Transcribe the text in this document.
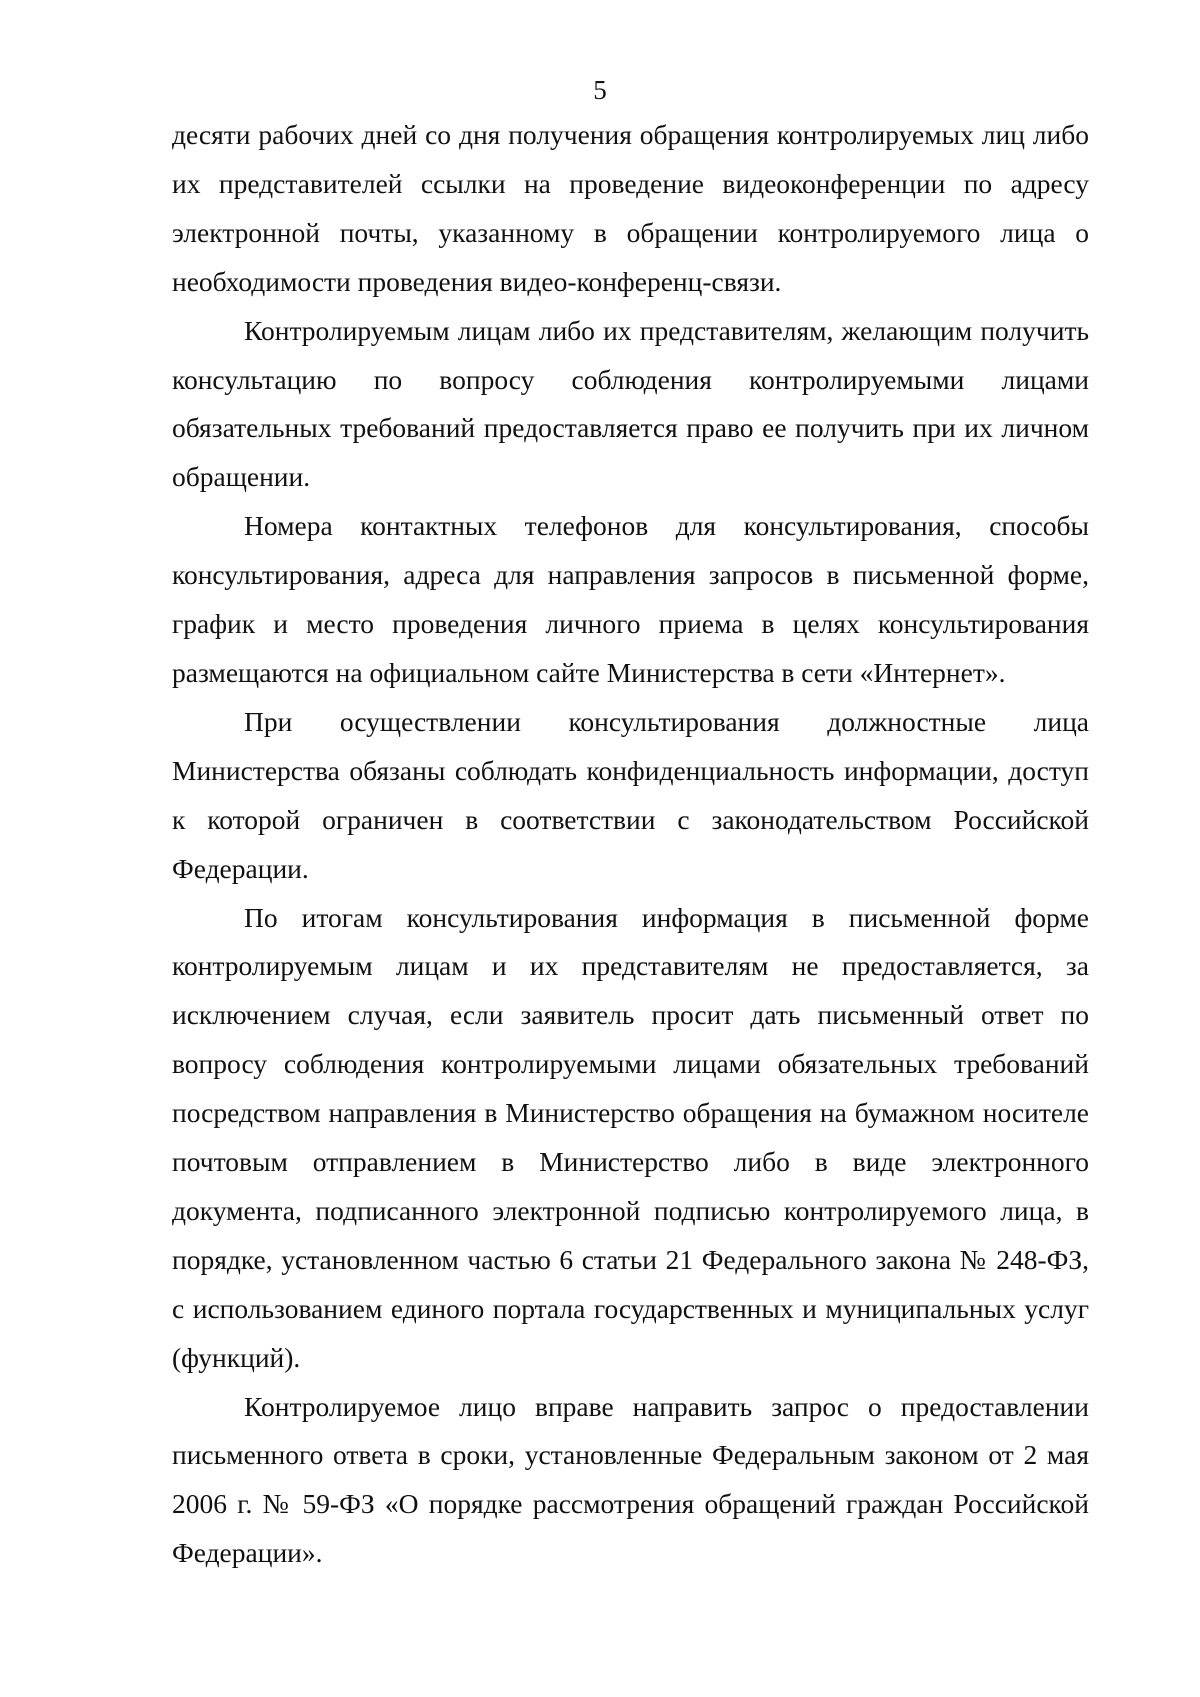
5

десяти рабочих дней со дня получения обращения контролируемых лиц либо их представителей ссылки на проведение видеоконференции по адресу электронной почты, указанному в обращении контролируемого лица о необходимости проведения видео-конференц-связи.

Контролируемым лицам либо их представителям, желающим получить консультацию по вопросу соблюдения контролируемыми лицами обязательных требований предоставляется право ее получить при их личном обращении.

Номера контактных телефонов для консультирования, способы консультирования, адреса для направления запросов в письменной форме, график и место проведения личного приема в целях консультирования размещаются на официальном сайте Министерства в сети «Интернет».

При осуществлении консультирования должностные лица Министерства обязаны соблюдать конфиденциальность информации, доступ к которой ограничен в соответствии с законодательством Российской Федерации.

По итогам консультирования информация в письменной форме контролируемым лицам и их представителям не предоставляется, за исключением случая, если заявитель просит дать письменный ответ по вопросу соблюдения контролируемыми лицами обязательных требований посредством направления в Министерство обращения на бумажном носителе почтовым отправлением в Министерство либо в виде электронного документа, подписанного электронной подписью контролируемого лица, в порядке, установленном частью 6 статьи 21 Федерального закона № 248-ФЗ, с использованием единого портала государственных и муниципальных услуг (функций).

Контролируемое лицо вправе направить запрос о предоставлении письменного ответа в сроки, установленные Федеральным законом от 2 мая 2006 г. № 59-ФЗ «О порядке рассмотрения обращений граждан Российской Федерации».
